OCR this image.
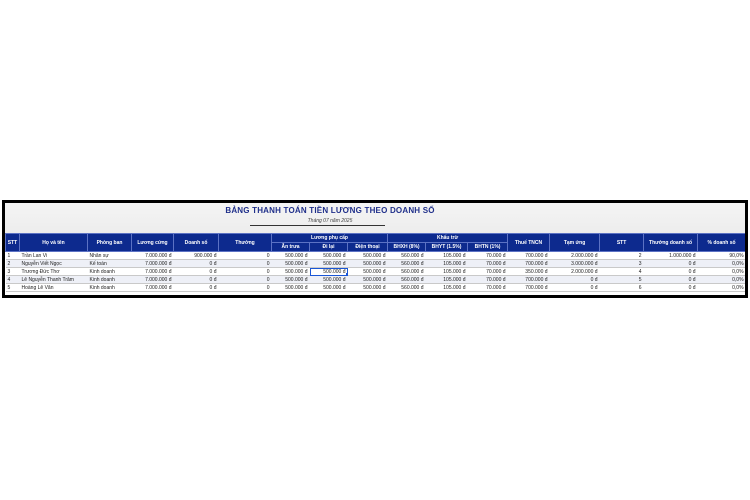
BẢNG THANH TOÁN TIỀN LƯƠNG THEO DOANH SỐ
Tháng 07 năm 2025
STT	Họ và tên	Phòng ban	Lương cứng	Doanh số	Thưởng	Lương phụ cấp			Khấu trừ			Thuế TNCN	Tạm ứng	STT	Thưởng doanh số	% doanh số
						Ăn trưa	Đi lại	Điện thoại	BHXH (8%)	BHYT (1.5%)	BHTN (1%)					
1	Trần Lan Vi	Nhân sự	7.000.000 đ	900.000 đ	0	500.000 đ	500.000 đ	500.000 đ	560.000 đ	105.000 đ	70.000 đ	700.000 đ	2.000.000 đ	2	1.000.000 đ	90,0%
2	Nguyễn Viết Ngọc	Kế toán	7.000.000 đ	0 đ	0	500.000 đ	500.000 đ	500.000 đ	560.000 đ	105.000 đ	70.000 đ	700.000 đ	3.000.000 đ	3	0 đ	0,0%
3	Trương Đức Thơ	Kinh doanh	7.000.000 đ	0 đ	0	500.000 đ	500.000 đ	500.000 đ	560.000 đ	105.000 đ	70.000 đ	350.000 đ	2.000.000 đ	4	0 đ	0,0%
4	Lê Nguyễn Thanh Trâm	Kinh doanh	7.000.000 đ	0 đ	0	500.000 đ	500.000 đ	500.000 đ	560.000 đ	105.000 đ	70.000 đ	700.000 đ	0 đ	5	0 đ	0,0%
5	Hoàng Lê Văn	Kinh doanh	7.000.000 đ	0 đ	0	500.000 đ	500.000 đ	500.000 đ	560.000 đ	105.000 đ	70.000 đ	700.000 đ	0 đ	6	0 đ	0,0%
